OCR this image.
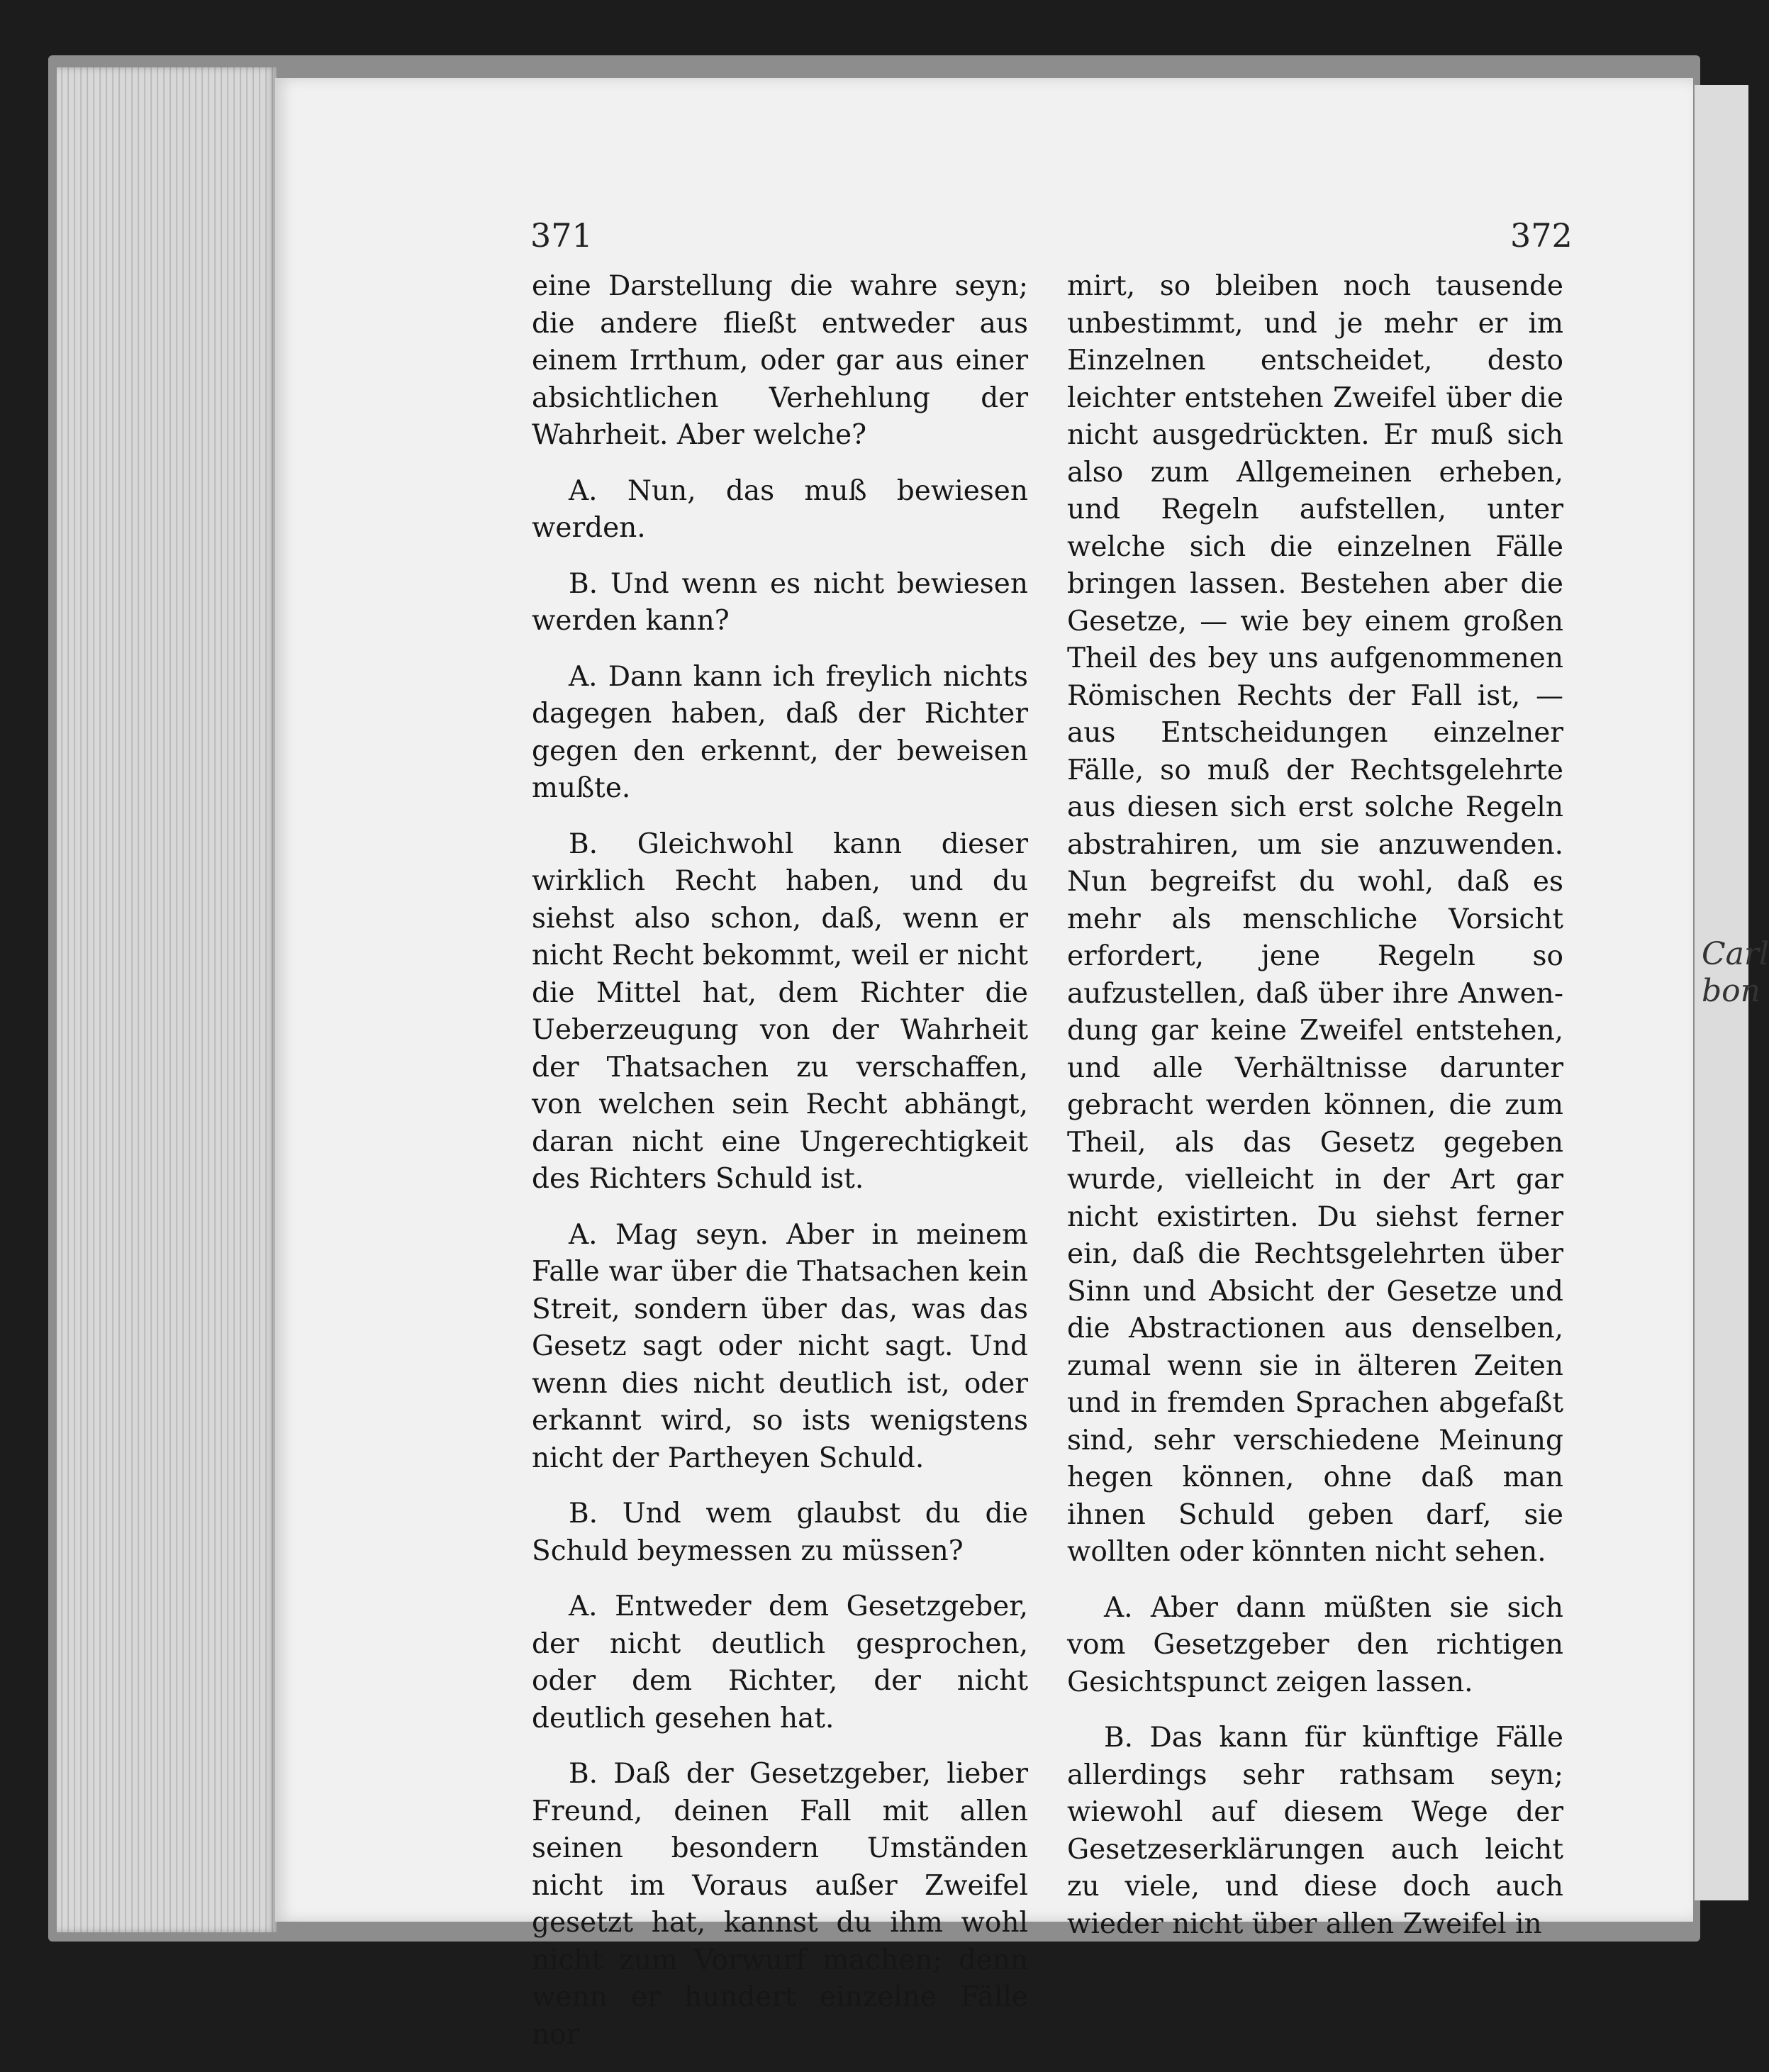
Carl
bon
371	372

eine Darstellung die wahre seyn; die andere fließt entweder aus einem Irrthum, oder gar aus einer absichtlichen Verhehlung der Wahrheit. Aber welche?

A. Nun, das muß bewiesen werden.

B. Und wenn es nicht bewiesen werden kann?

A. Dann kann ich freylich nichts dagegen haben, daß der Richter gegen den erkennt, der beweisen mußte.

B. Gleichwohl kann dieser wirklich Recht haben, und du siehst also schon, daß, wenn er nicht Recht bekommt, weil er nicht die Mittel hat, dem Richter die Ueberzeugung von der Wahrheit der Thatsachen zu verschaffen, von welchen sein Recht abhängt, daran nicht eine Ungerechtigkeit des Richters Schuld ist.

A. Mag seyn. Aber in meinem Falle war über die Thatsachen kein Streit, sondern über das, was das Gesetz sagt oder nicht sagt. Und wenn dies nicht deutlich ist, oder erkannt wird, so ists wenigstens nicht der Partheyen Schuld.

B. Und wem glaubst du die Schuld beymessen zu müssen?

A. Entweder dem Gesetzgeber, der nicht deutlich gesprochen, oder dem Richter, der nicht deutlich gesehen hat.

B. Daß der Gesetzgeber, lieber Freund, deinen Fall mit allen seinen besondern Umständen nicht im Voraus außer Zweifel gesetzt hat, kannst du ihm wohl nicht zum Vorwurf machen; denn wenn er hundert einzelne Fälle nor

mirt, so bleiben noch tausende unbestimmt, und je mehr er im Einzelnen entscheidet, desto leichter entstehen Zweifel über die nicht ausgedrückten. Er muß sich also zum Allgemeinen erheben, und Regeln aufstellen, unter welche sich die einzelnen Fälle bringen lassen. Bestehen aber die Gesetze, — wie bey einem großen Theil des bey uns aufgenommenen Römischen Rechts der Fall ist, — aus Entscheidungen einzelner Fälle, so muß der Rechtsgelehrte aus diesen sich erst solche Regeln abstrahiren, um sie anzuwenden. Nun begreifst du wohl, daß es mehr als menschliche Vorsicht erfordert, jene Regeln so aufzustellen, daß über ihre Anwendung gar keine Zweifel entstehen, und alle Verhältnisse darunter gebracht werden können, die zum Theil, als das Gesetz gegeben wurde, vielleicht in der Art gar nicht existirten. Du siehst ferner ein, daß die Rechtsgelehrten über Sinn und Absicht der Gesetze und die Abstractionen aus denselben, zumal wenn sie in älteren Zeiten und in fremden Sprachen abgefaßt sind, sehr verschiedene Meinung hegen können, ohne daß man ihnen Schuld geben darf, sie wollten oder könnten nicht sehen.

A. Aber dann müßten sie sich vom Gesetzgeber den richtigen Gesichtspunct zeigen lassen.

B. Das kann für künftige Fälle allerdings sehr rathsam seyn; wiewohl auf diesem Wege der Gesetzeserklärungen auch leicht zu viele, und diese doch auch wieder nicht über allen Zweifel in
